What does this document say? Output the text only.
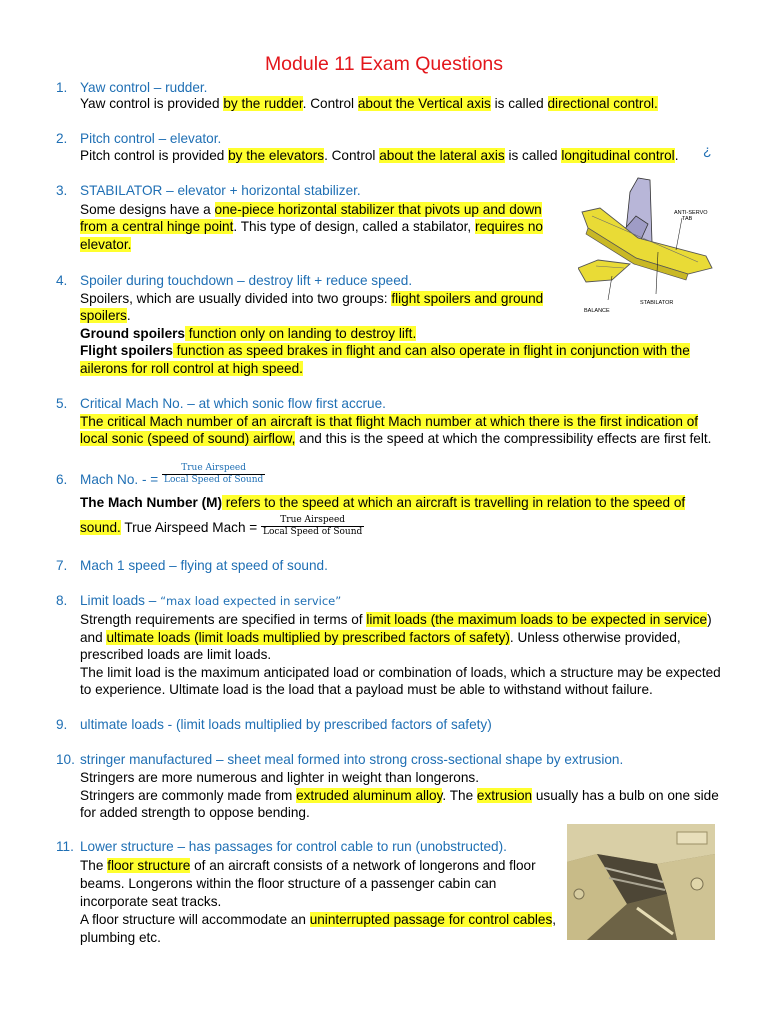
Module 11 Exam Questions
¿
1. Yaw control – rudder.
Yaw control is provided by the rudder. Control about the Vertical axis is called directional control.
2. Pitch control – elevator.
Pitch control is provided by the elevators. Control about the lateral axis is called longitudinal control.
3. STABILATOR – elevator + horizontal stabilizer.
Some designs have a one-piece horizontal stabilizer that pivots up and down
from a central hinge point. This type of design, called a stabilator, requires no
elevator.
ANTI-SERVO
TAB
BALANCE
STABILATOR
4. Spoiler during touchdown – destroy lift + reduce speed.
Spoilers, which are usually divided into two groups: flight spoilers and ground
spoilers.
Ground spoilers function only on landing to destroy lift.
Flight spoilers function as speed brakes in flight and can also operate in flight in conjunction with the
ailerons for roll control at high speed.
5. Critical Mach No. – at which sonic flow first accrue.
The critical Mach number of an aircraft is that flight Mach number at which there is the first indication of
local sonic (speed of sound) airflow, and this is the speed at which the compressibility effects are first felt.
6. Mach No. - = $\frac{\text{True Airspeed}}{\text{Local Speed of Sound}}$
The Mach Number (M) refers to the speed at which an aircraft is travelling in relation to the speed of
sound. True Airspeed Mach = $\frac{\text{True Airspeed}}{\text{Local Speed of Sound}}$
7. Mach 1 speed – flying at speed of sound.
8. Limit loads – “max load expected in service”
Strength requirements are specified in terms of limit loads (the maximum loads to be expected in service)
and ultimate loads (limit loads multiplied by prescribed factors of safety). Unless otherwise provided,
prescribed loads are limit loads.
The limit load is the maximum anticipated load or combination of loads, which a structure may be expected
to experience. Ultimate load is the load that a payload must be able to withstand without failure.
9. ultimate loads - (limit loads multiplied by prescribed factors of safety)
10. stringer manufactured – sheet meal formed into strong cross-sectional shape by extrusion.
Stringers are more numerous and lighter in weight than longerons.
Stringers are commonly made from extruded aluminum alloy. The extrusion usually has a bulb on one side
for added strength to oppose bending.
11. Lower structure – has passages for control cable to run (unobstructed).
The floor structure of an aircraft consists of a network of longerons and floor
beams. Longerons within the floor structure of a passenger cabin can
incorporate seat tracks.
A floor structure will accommodate an uninterrupted passage for control cables,
plumbing etc.
